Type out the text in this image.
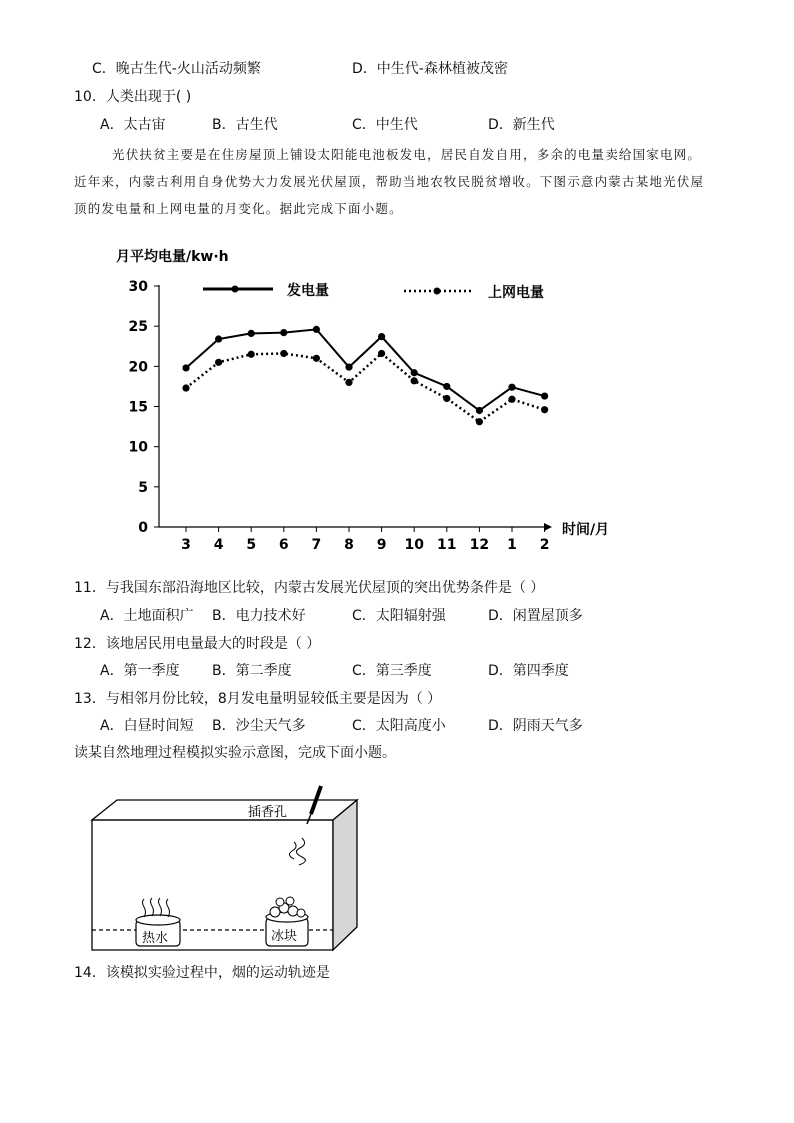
C．晚古生代-火山活动频繁	D．中生代-森林植被茂密
10．人类出现于( )
A．太古宙	B．古生代	C．中生代	D．新生代
光伏扶贫主要是在住房屋顶上铺设太阳能电池板发电，居民自发自用，多余的电量卖给国家电网。
近年来，内蒙古利用自身优势大力发展光伏屋顶，帮助当地农牧民脱贫增收。下图示意内蒙古某地光伏屋
顶的发电量和上网电量的月变化。据此完成下面小题。
月平均电量/kw·h
时间/月
发电量	上网电量
0
5
10
15
20
25
30
3 4 5 6 7 8 9 10 11 12 1 2
11．与我国东部沿海地区比较，内蒙古发展光伏屋顶的突出优势条件是（ ）
A．土地面积广 B．电力技术好	C．太阳辐射强	D．闲置屋顶多
12．该地居民用电量最大的时段是（ ）
A．第一季度 B．第二季度	C．第三季度	D．第四季度
13．与相邻月份比较，8月发电量明显较低主要是因为（ ）
A．白昼时间短 B．沙尘天气多	C．太阳高度小	D．阴雨天气多
读某自然地理过程模拟实验示意图，完成下面小题。
插香孔
热水	冰块
14．该模拟实验过程中，烟的运动轨迹是
